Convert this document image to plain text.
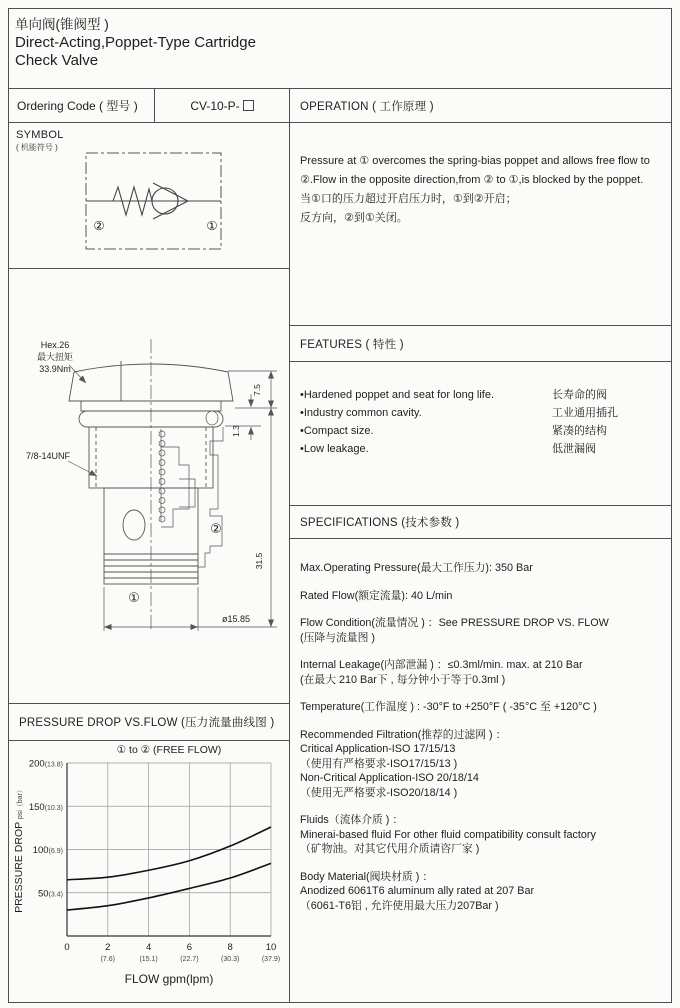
单向阀(锥阀型 )
Direct-Acting,Poppet-Type Cartridge
Check Valve
Ordering Code ( 型号 )	CV-10-P-
SYMBOL
( 机能符号 )
②	①
Hex.26
最大扭矩
33.9Nm
7/8-14UNF
7.5
1.3
31.5
ø15.85
②
①
PRESSURE DROP VS.FLOW (压力流量曲线图 )
50(3.4)
100(6.9)
150(10.3)
200(13.8)
0	2
(7.6)
4
(15.1)
6
(22.7)
8
(30.3)
10
(37.9)
① to ② (FREE FLOW)
FLOW gpm(lpm)
PRESSURE DROP psi（bar）
OPERATION ( 工作原理 )

Pressure at ① overcomes the spring-bias poppet and allows free flow to ②.Flow in the opposite direction,from ② to ①,is blocked by the poppet.

当①口的压力超过开启压力时，①到②开启；
反方向，②到①关闭。
FEATURES ( 特性 )
•Hardened poppet and seat for long life.	长寿命的阀
•Industry common cavity.	工业通用插孔
•Compact size.	紧凑的结构
•Low leakage.	低泄漏阀
SPECIFICATIONS (技术参数 )
Max.Operating Pressure(最大工作压力): 350 Bar
Rated Flow(额定流量): 40 L/min
Flow Condition(流量情况 ) ：See PRESSURE DROP VS. FLOW
(压降与流量图 )
Internal Leakage(内部泄漏 ) ：≤0.3ml/min. max. at 210 Bar
(在最大 210 Bar下 , 每分钟小于等于0.3ml )
Temperature(工作温度 ) : -30°F to +250°F ( -35°C 至 +120°C )
Recommended Filtration(推荐的过滤网 ) ：
Critical Application-ISO 17/15/13
（使用有严格要求-ISO17/15/13 )
Non-Critical Application-ISO 20/18/14
（使用无严格要求-ISO20/18/14 )
Fluids（流体介质 ) ：
Minerai-based fluid For other fluid compatibility consult factory
（矿物油。对其它代用介质请咨厂家 )
Body Material(阀块材质 ) ：
Anodized 6061T6 aluminum ally rated at 207 Bar
（6061-T6铝 , 允许使用最大压力207Bar )
